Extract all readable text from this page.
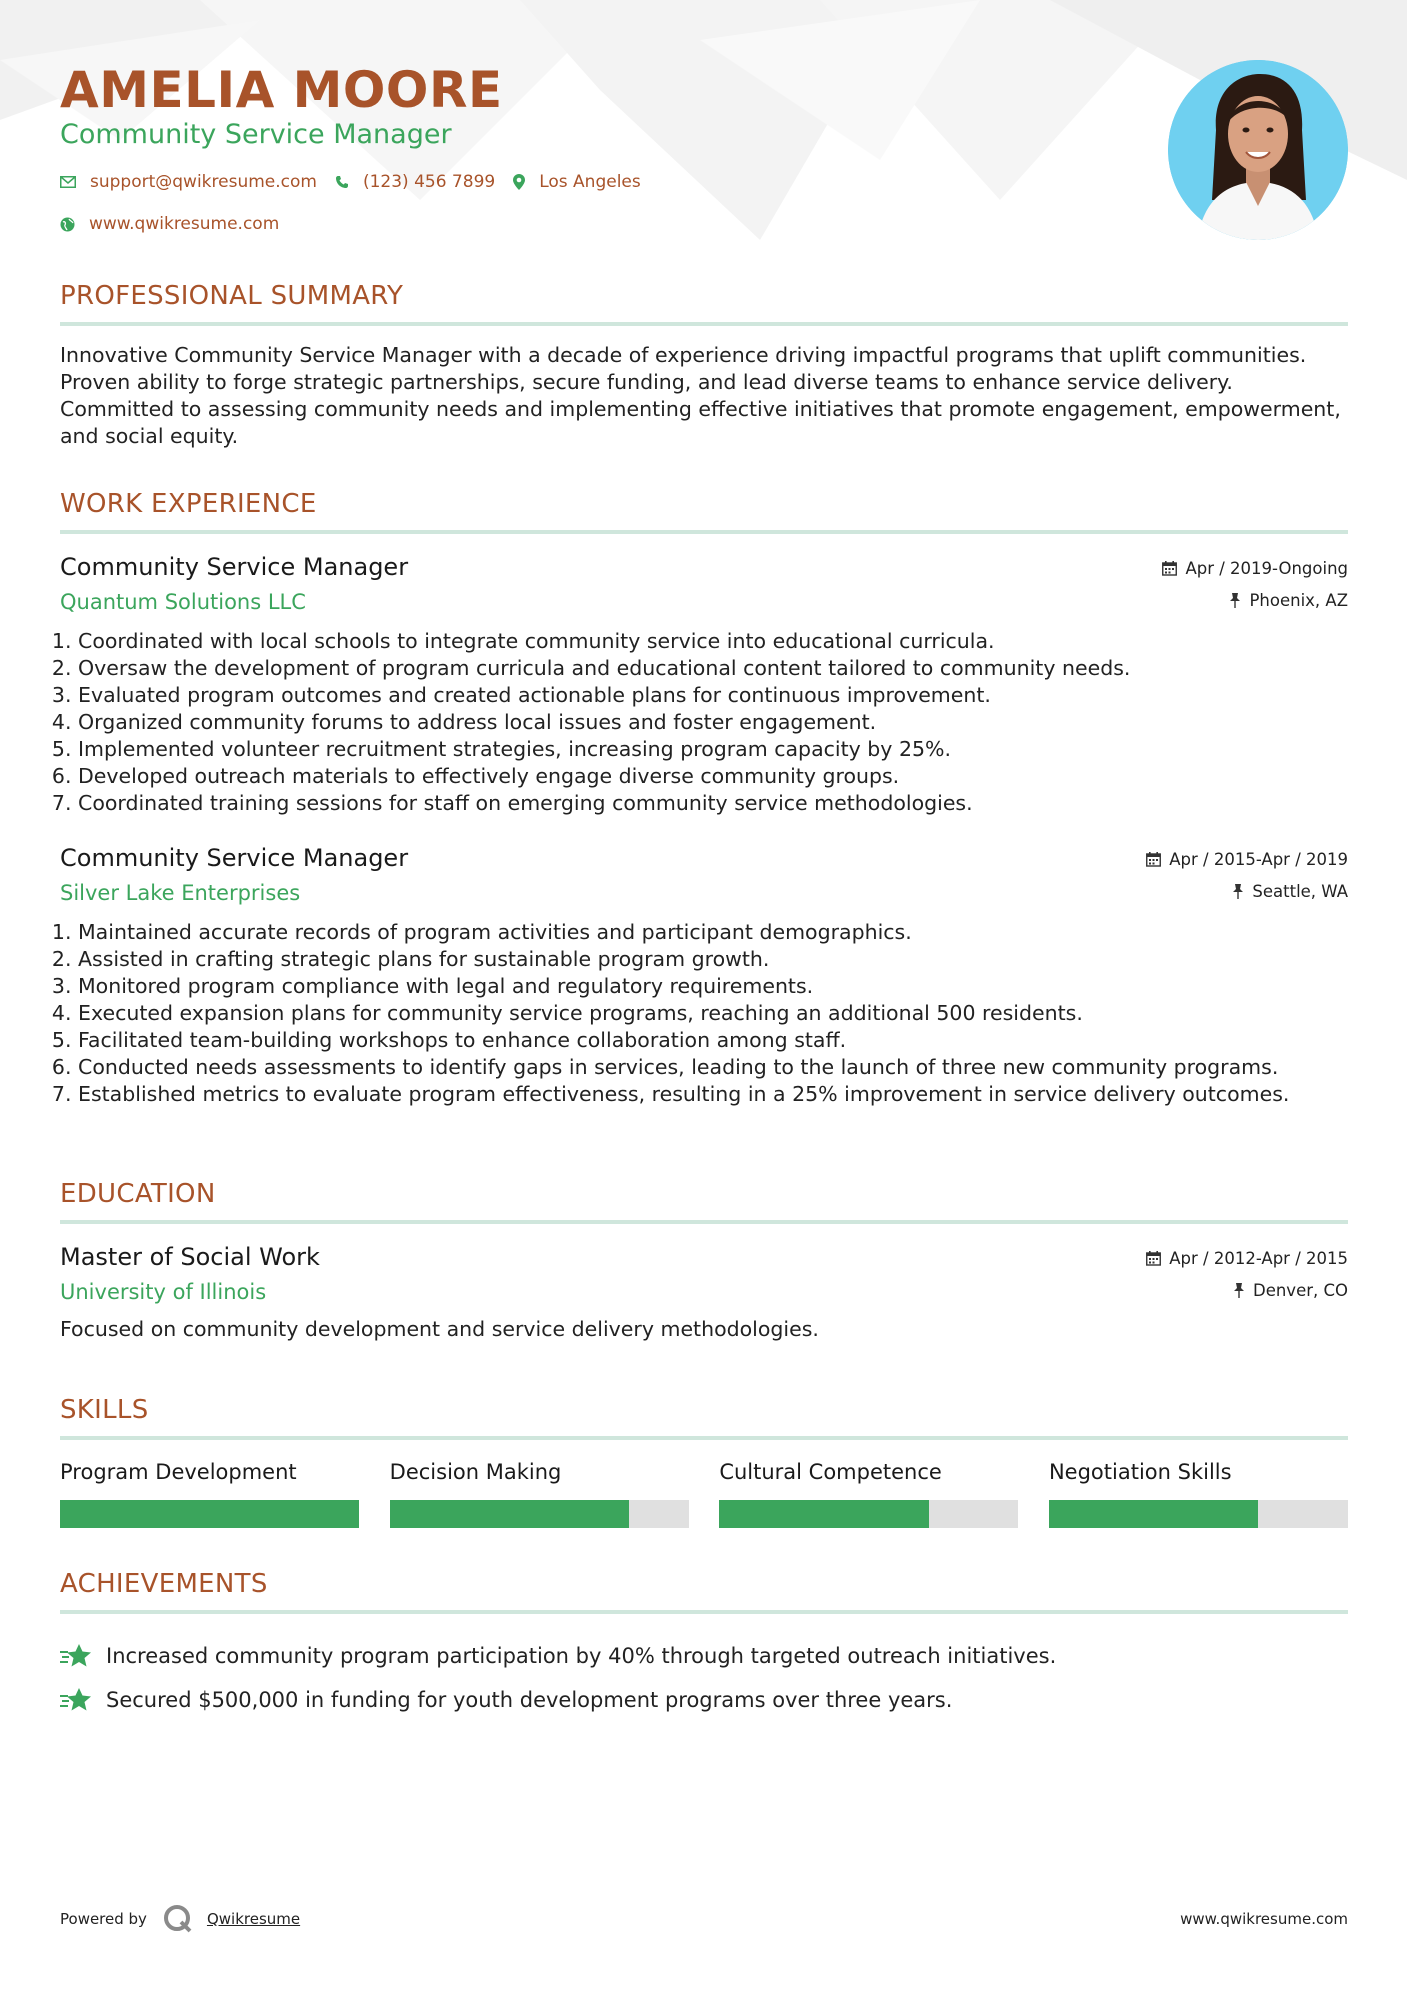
AMELIA MOORE
Community Service Manager
support@qwikresume.com	(123) 456 7899	Los Angeles
www.qwikresume.com
PROFESSIONAL SUMMARY
Innovative Community Service Manager with a decade of experience driving impactful programs that uplift communities. Proven ability to forge strategic partnerships, secure funding, and lead diverse teams to enhance service delivery. Committed to assessing community needs and implementing effective initiatives that promote engagement, empowerment, and social equity.
WORK EXPERIENCE
Community Service Manager
Quantum Solutions LLC
Apr / 2019-Ongoing
Phoenix, AZ
1. Coordinated with local schools to integrate community service into educational curricula.
2. Oversaw the development of program curricula and educational content tailored to community needs.
3. Evaluated program outcomes and created actionable plans for continuous improvement.
4. Organized community forums to address local issues and foster engagement.
5. Implemented volunteer recruitment strategies, increasing program capacity by 25%.
6. Developed outreach materials to effectively engage diverse community groups.
7. Coordinated training sessions for staff on emerging community service methodologies.
Community Service Manager
Silver Lake Enterprises
Apr / 2015-Apr / 2019
Seattle, WA
1. Maintained accurate records of program activities and participant demographics.
2. Assisted in crafting strategic plans for sustainable program growth.
3. Monitored program compliance with legal and regulatory requirements.
4. Executed expansion plans for community service programs, reaching an additional 500 residents.
5. Facilitated team-building workshops to enhance collaboration among staff.
6. Conducted needs assessments to identify gaps in services, leading to the launch of three new community programs.
7. Established metrics to evaluate program effectiveness, resulting in a 25% improvement in service delivery outcomes.
EDUCATION
Master of Social Work
University of Illinois
Apr / 2012-Apr / 2015
Denver, CO
Focused on community development and service delivery methodologies.
SKILLS
Program Development	Decision Making	Cultural Competence	Negotiation Skills
ACHIEVEMENTS
Increased community program participation by 40% through targeted outreach initiatives.
Secured $500,000 in funding for youth development programs over three years.
Powered by	Qwikresume	www.qwikresume.com
